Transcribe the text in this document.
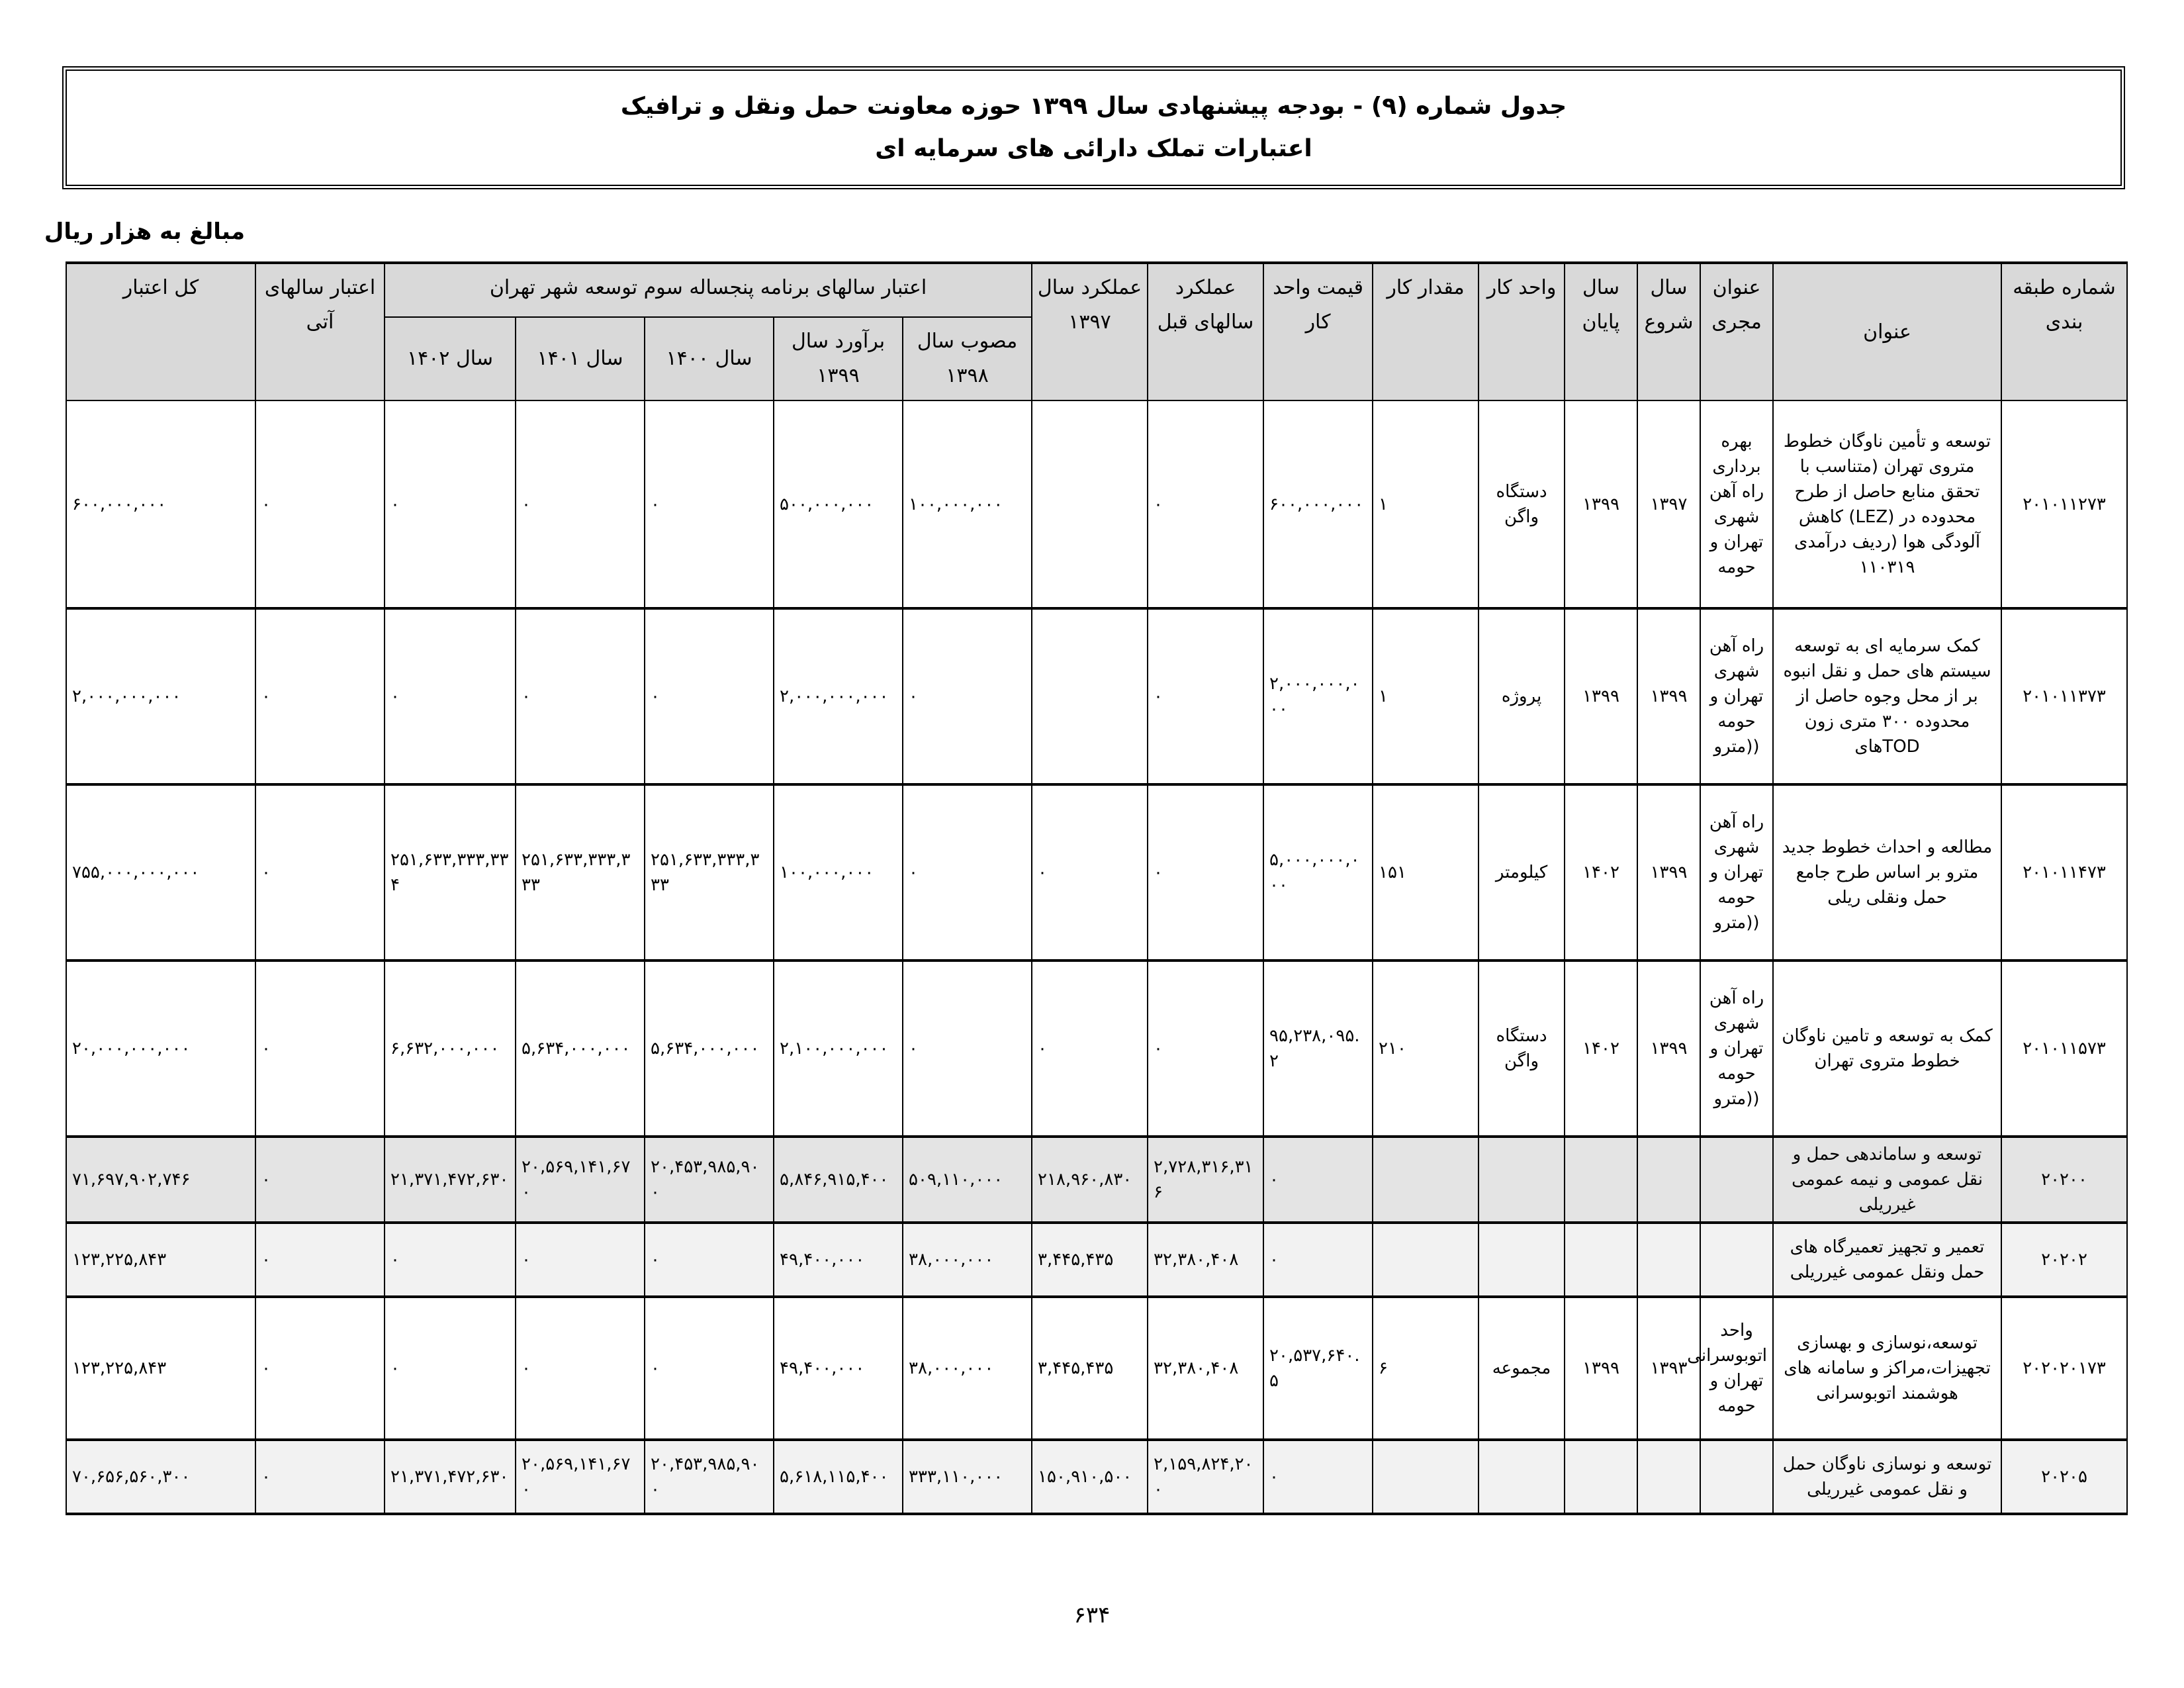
جدول شماره (۹) - بودجه پیشنهادی سال ۱۳۹۹ حوزه معاونت حمل ونقل و ترافیک
اعتبارات تملک دارائی های سرمایه ای
مبالغ به هزار ریال
شماره طبقه بندی	عنوان	عنوان مجری	سال شروع	سال پایان	واحد کار	مقدار کار	قیمت واحد کار	عملکرد سالهای قبل	عملکرد سال ۱۳۹۷	اعتبار سالهای برنامه پنجساله سوم توسعه شهر تهران					اعتبار سالهای آتی	کل اعتبار
										مصوب سال ۱۳۹۸	برآورد سال ۱۳۹۹	سال ۱۴۰۰	سال ۱۴۰۱	سال ۱۴۰۲		
۲۰۱۰۱۱۲۷۳	توسعه و تأمین ناوگان خطوط متروی تهران (متناسب با تحقق منابع حاصل از طرح محدوده در (LEZ) کاهش آلودگی هوا (ردیف درآمدی ۱۱۰۳۱۹	بهره برداری راه آهن شهری تهران و حومه	۱۳۹۷	۱۳۹۹	دستگاه واگن	۱	۶۰۰,۰۰۰,۰۰۰	۰		۱۰۰,۰۰۰,۰۰۰	۵۰۰,۰۰۰,۰۰۰	۰	۰	۰	۰	۶۰۰,۰۰۰,۰۰۰
۲۰۱۰۱۱۳۷۳	کمک سرمایه ای به توسعه سیستم های حمل و نقل انبوه بر از محل وجوه حاصل از محدوده ۳۰۰ متری زون TODهای	راه آهن شهری تهران و حومه ((مترو	۱۳۹۹	۱۳۹۹	پروژه	۱	۲,۰۰۰,۰۰۰,۰۰۰	۰		۰	۲,۰۰۰,۰۰۰,۰۰۰	۰	۰	۰	۰	۲,۰۰۰,۰۰۰,۰۰۰
۲۰۱۰۱۱۴۷۳	مطالعه و احداث خطوط جدید مترو بر اساس طرح جامع حمل ونقلی ریلی	راه آهن شهری تهران و حومه ((مترو	۱۳۹۹	۱۴۰۲	کیلومتر	۱۵۱	۵,۰۰۰,۰۰۰,۰۰۰	۰	۰	۰	۱۰۰,۰۰۰,۰۰۰	۲۵۱,۶۳۳,۳۳۳,۳۳۳	۲۵۱,۶۳۳,۳۳۳,۳۳۳	۲۵۱,۶۳۳,۳۳۳,۳۳۴	۰	۷۵۵,۰۰۰,۰۰۰,۰۰۰
۲۰۱۰۱۱۵۷۳	کمک به توسعه و تامین ناوگان خطوط متروی تهران	راه آهن شهری تهران و حومه ((مترو	۱۳۹۹	۱۴۰۲	دستگاه واگن	۲۱۰	۹۵,۲۳۸,۰۹۵.۲	۰	۰	۰	۲,۱۰۰,۰۰۰,۰۰۰	۵,۶۳۴,۰۰۰,۰۰۰	۵,۶۳۴,۰۰۰,۰۰۰	۶,۶۳۲,۰۰۰,۰۰۰	۰	۲۰,۰۰۰,۰۰۰,۰۰۰
۲۰۲۰۰	توسعه و ساماندهی حمل و نقل عمومی و نیمه عمومی غیرریلی						۰	۲,۷۲۸,۳۱۶,۳۱۶	۲۱۸,۹۶۰,۸۳۰	۵۰۹,۱۱۰,۰۰۰	۵,۸۴۶,۹۱۵,۴۰۰	۲۰,۴۵۳,۹۸۵,۹۰۰	۲۰,۵۶۹,۱۴۱,۶۷۰	۲۱,۳۷۱,۴۷۲,۶۳۰	۰	۷۱,۶۹۷,۹۰۲,۷۴۶
۲۰۲۰۲	تعمیر و تجهیز تعمیرگاه های حمل ونقل عمومی غیرریلی						۰	۳۲,۳۸۰,۴۰۸	۳,۴۴۵,۴۳۵	۳۸,۰۰۰,۰۰۰	۴۹,۴۰۰,۰۰۰	۰	۰	۰	۰	۱۲۳,۲۲۵,۸۴۳
۲۰۲۰۲۰۱۷۳	توسعه،نوسازی و بهسازی تجهیزات،مراکز و سامانه های هوشمند اتوبوسرانی	واحد اتوبوسرانی تهران و حومه	۱۳۹۳	۱۳۹۹	مجموعه	۶	۲۰,۵۳۷,۶۴۰.۵	۳۲,۳۸۰,۴۰۸	۳,۴۴۵,۴۳۵	۳۸,۰۰۰,۰۰۰	۴۹,۴۰۰,۰۰۰	۰	۰	۰	۰	۱۲۳,۲۲۵,۸۴۳
۲۰۲۰۵	توسعه و نوسازی ناوگان حمل و نقل عمومی غیرریلی						۰	۲,۱۵۹,۸۲۴,۲۰۰	۱۵۰,۹۱۰,۵۰۰	۳۳۳,۱۱۰,۰۰۰	۵,۶۱۸,۱۱۵,۴۰۰	۲۰,۴۵۳,۹۸۵,۹۰۰	۲۰,۵۶۹,۱۴۱,۶۷۰	۲۱,۳۷۱,۴۷۲,۶۳۰	۰	۷۰,۶۵۶,۵۶۰,۳۰۰
۶۳۴
